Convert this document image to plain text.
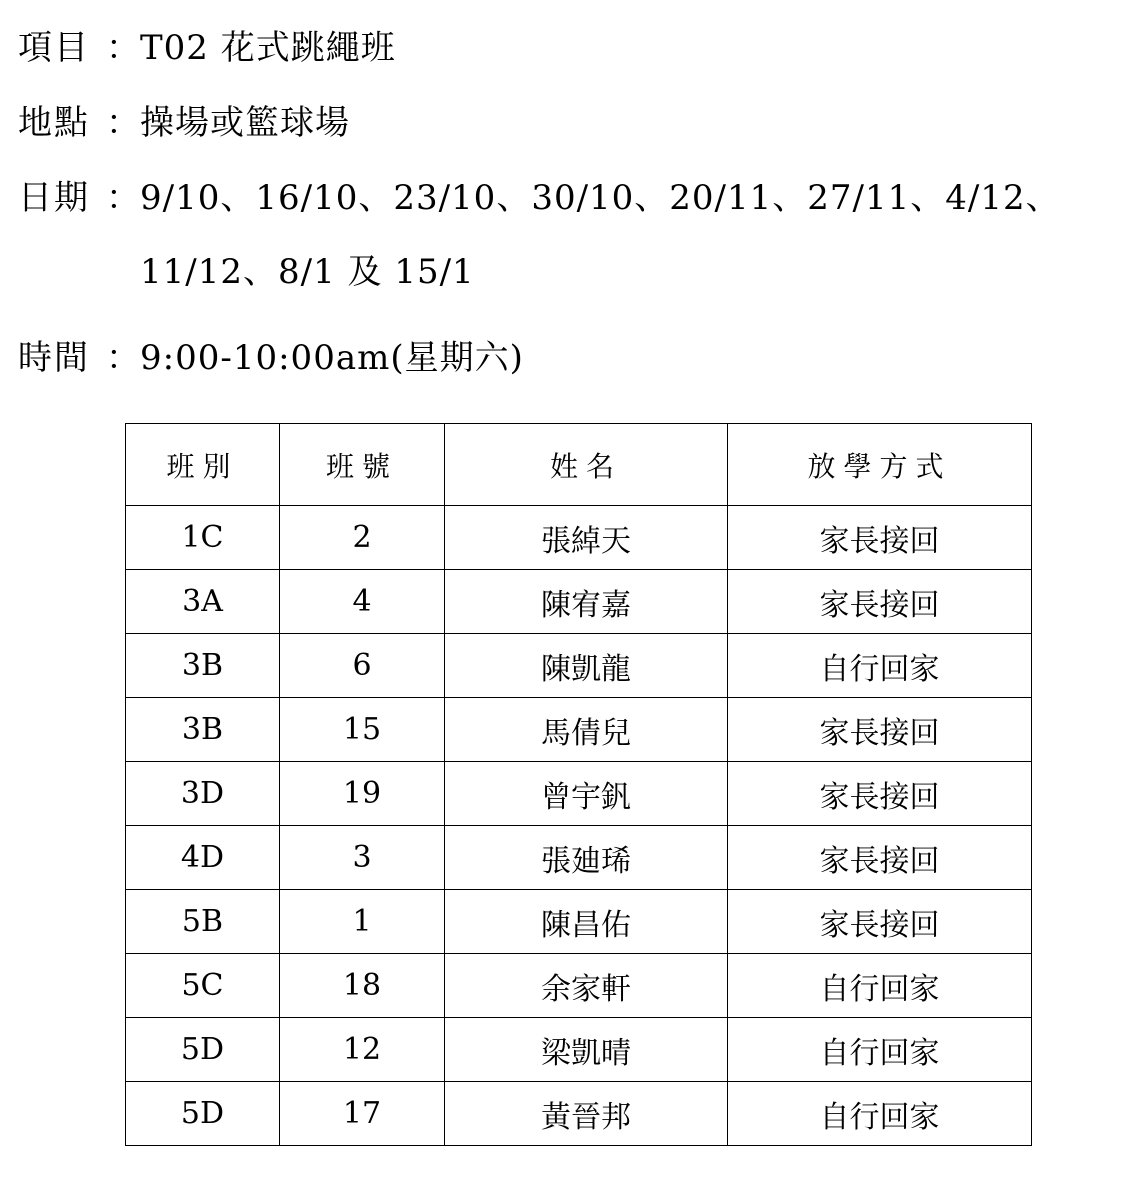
項目 ： T02 花式跳繩班
地點 ： 操場或籃球場
日期 ： 9/10、16/10、23/10、30/10、20/11、27/11、4/12、
11/12、8/1 及 15/1
時間 ： 9:00-10:00am(星期六)
班別	班號	姓名	放學方式
1C	2	張綽天	家長接回
3A	4	陳宥嘉	家長接回
3B	6	陳凱龍	自行回家
3B	15	馬倩兒	家長接回
3D	19	曾宇釩	家長接回
4D	3	張廸琋	家長接回
5B	1	陳昌佑	家長接回
5C	18	余家軒	自行回家
5D	12	梁凱晴	自行回家
5D	17	黃晉邦	自行回家
